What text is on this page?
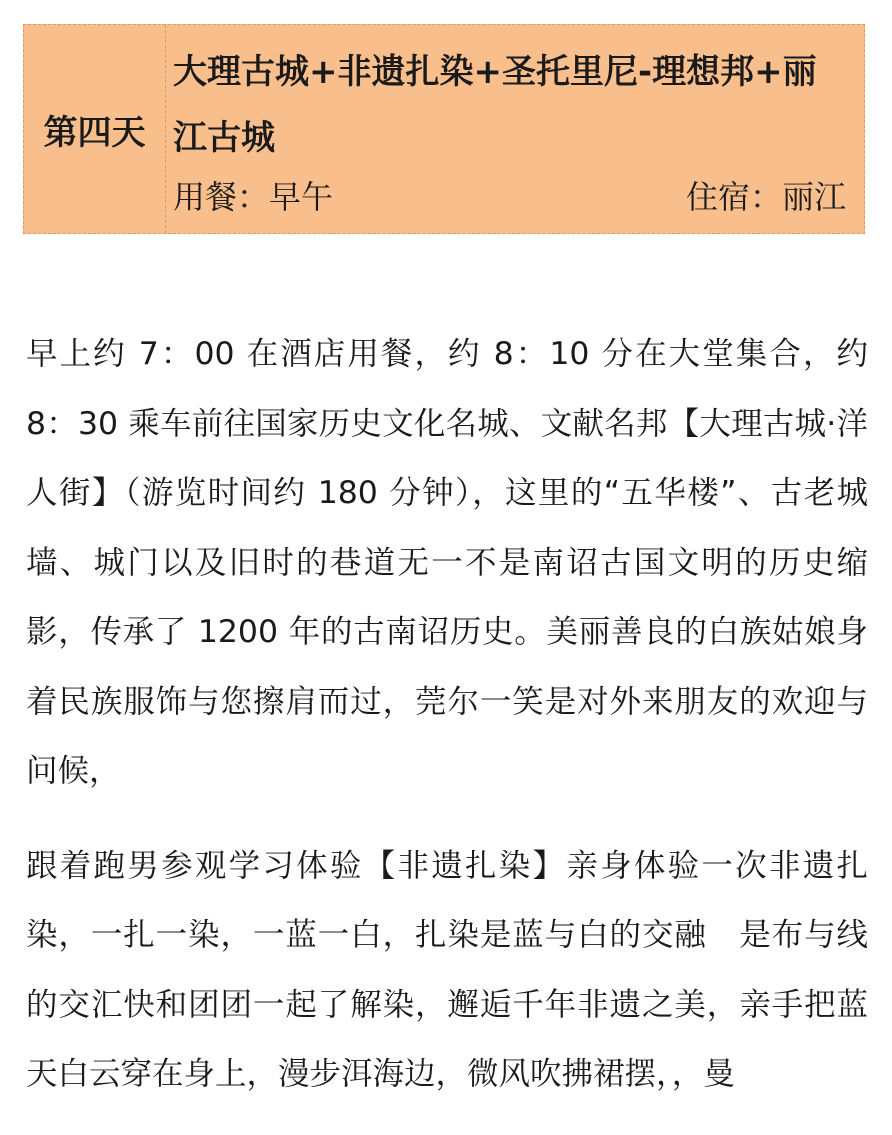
第四天

大理古城+非遗扎染+圣托里尼-理想邦+丽江古城

用餐：早午	住宿：丽江

早上约 7：00 在酒店用餐，约 8：10 分在大堂集合，约 8：30 乘车前往国家历史文化名城、文献名邦【大理古城·洋人街】（游览时间约 180 分钟），这里的“五华楼”、古老城墙、城门以及旧时的巷道无一不是南诏古国文明的历史缩影，传承了 1200 年的古南诏历史。美丽善良的白族姑娘身着民族服饰与您擦肩而过，莞尔一笑是对外来朋友的欢迎与问候，

跟着跑男参观学习体验【非遗扎染】亲身体验一次非遗扎染，一扎一染，一蓝一白，扎染是蓝与白的交融　是布与线的交汇快和团团一起了解染，邂逅千年非遗之美，亲手把蓝天白云穿在身上，漫步洱海边，微风吹拂裙摆，，曼
